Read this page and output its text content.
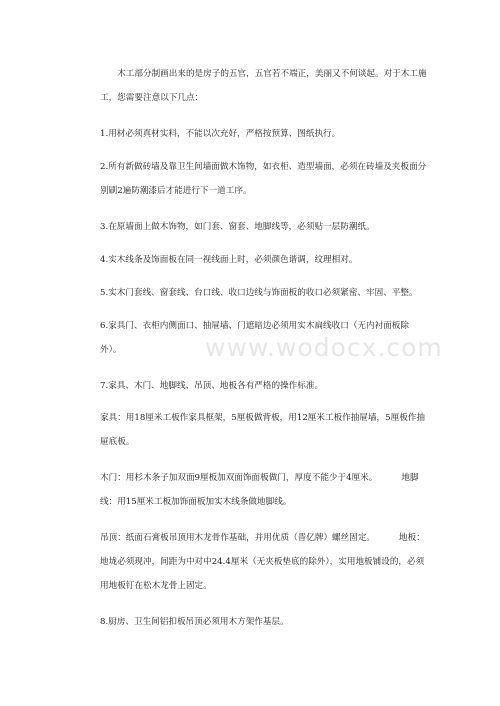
　　木工部分制画出来的是房子的五官，五官若不端正，美丽又不何谈起。对于木工施工，您需要注意以下几点：

1.用材必须真材实料，不能以次充好，严格按预算、图纸执行。

2.所有新做砖墙及靠卫生间墙面做木饰物，如衣柜、造型墙面，必须在砖墙及夹板面分别刷2遍防潮漆后才能进行下一道工序。

3.在原墙面上做木饰物，如门套、窗套、地脚线等，必须贴一层防潮纸。

4.实木线条及饰面板在同一视线面上时，必须颜色谐调，纹理相对。

5.实木门套线、窗套线、台口线、收口边线与饰面板的收口必须紧密、牢固、平整。

6.家具门、衣柜内侧面口、抽屉墙、门遮暗边必须用实木扁线收口（无内衬面板除外）。	www.wodocx.com

7.家具、木门、地脚线、吊顶、地板各有严格的操作标准。

家具：用18厘米工板作家具框架，5厘板做背板，用12厘米工板作抽屉墙，5厘板作抽屉底板。

木门：用杉木条子加双面9厘板加双面饰面板做门，厚度不能少于4厘米。	地脚线：用15厘米工板加饰面板加实木线条做地脚线。

吊顶：纸面石膏板吊顶用木龙骨作基础，并用优质（晋亿牌）螺丝固定。	地板：地垅必须现冲，间距为中对中24.4厘米（无夹板垫底的除外），实用地板铺设的，必须用地板钉在松木龙骨上固定。

8.厨房、卫生间铝扣板吊顶必须用木方架作基层。
